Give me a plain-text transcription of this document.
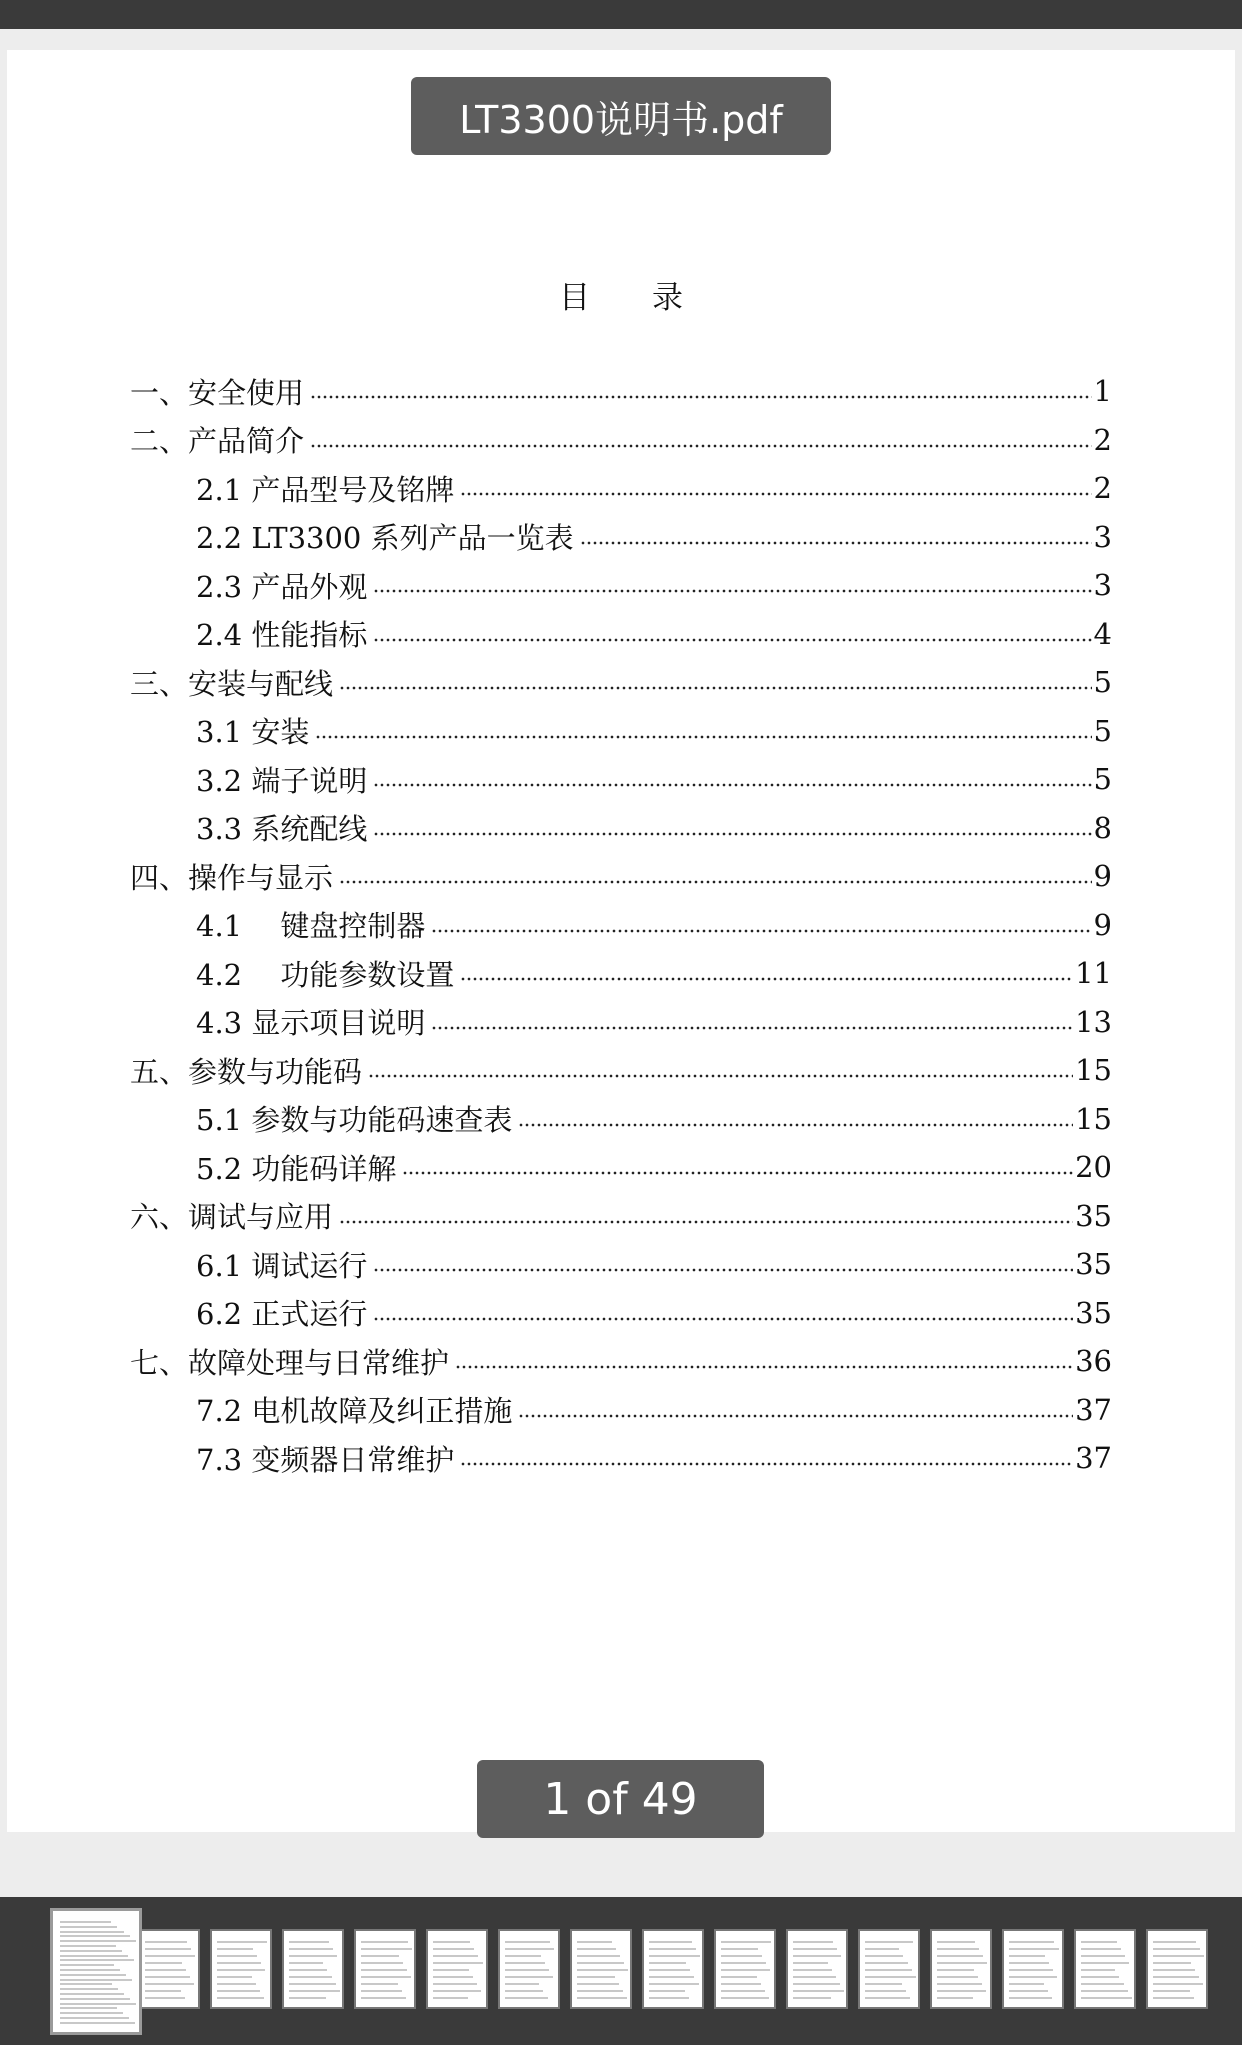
LT3300说明书.pdf
目 录
一、安全使用	1
二、产品简介	2
2.1 产品型号及铭牌	2
2.2 LT3300 系列产品一览表	3
2.3 产品外观	3
2.4 性能指标	4
三、安装与配线	5
3.1 安装	5
3.2 端子说明	5
3.3 系统配线	8
四、操作与显示	9
4.1　 键盘控制器	9
4.2　 功能参数设置	11
4.3 显示项目说明	13
五、参数与功能码	15
5.1 参数与功能码速查表	15
5.2 功能码详解	20
六、调试与应用	35
6.1 调试运行	35
6.2 正式运行	35
七、故障处理与日常维护	36
7.2 电机故障及纠正措施	37
7.3 变频器日常维护	37
1 of 49
